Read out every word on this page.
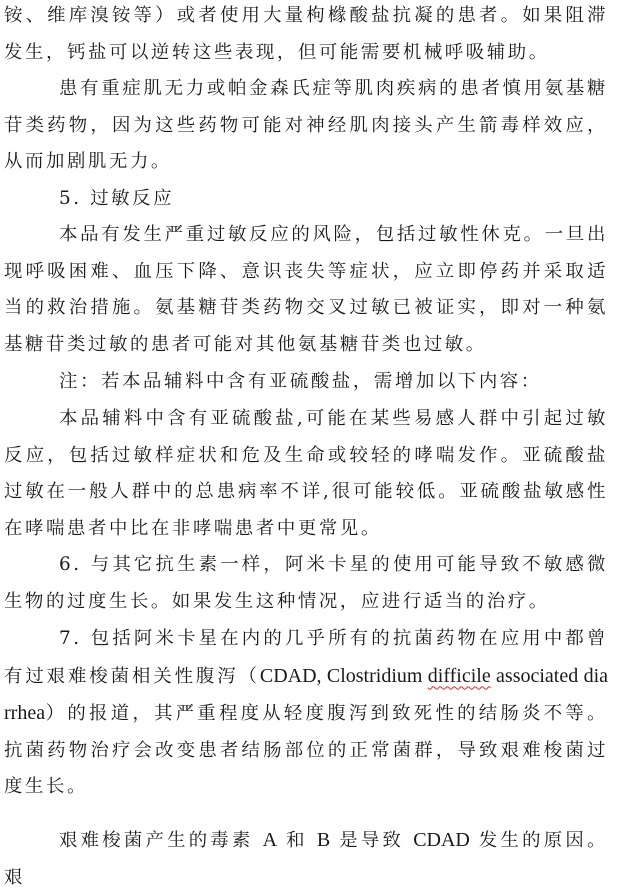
铵、维库溴铵等）或者使用大量枸橼酸盐抗凝的患者。如果阻滞发生，钙盐可以逆转这些表现，但可能需要机械呼吸辅助。

患有重症肌无力或帕金森氏症等肌肉疾病的患者慎用氨基糖苷类药物，因为这些药物可能对神经肌肉接头产生箭毒样效应，从而加剧肌无力。

5. 过敏反应

本品有发生严重过敏反应的风险，包括过敏性休克。一旦出现呼吸困难、血压下降、意识丧失等症状，应立即停药并采取适当的救治措施。氨基糖苷类药物交叉过敏已被证实，即对一种氨基糖苷类过敏的患者可能对其他氨基糖苷类也过敏。

注：若本品辅料中含有亚硫酸盐，需增加以下内容：

本品辅料中含有亚硫酸盐,可能在某些易感人群中引起过敏反应，包括过敏样症状和危及生命或较轻的哮喘发作。亚硫酸盐过敏在一般人群中的总患病率不详,很可能较低。亚硫酸盐敏感性在哮喘患者中比在非哮喘患者中更常见。

6. 与其它抗生素一样，阿米卡星的使用可能导致不敏感微生物的过度生长。如果发生这种情况，应进行适当的治疗。

7. 包括阿米卡星在内的几乎所有的抗菌药物在应用中都曾有过艰难梭菌相关性腹泻（CDAD, Clostridium difficile associated diarrhea）的报道，其严重程度从轻度腹泻到致死性的结肠炎不等。抗菌药物治疗会改变患者结肠部位的正常菌群，导致艰难梭菌过度生长。

艰难梭菌产生的毒素 A 和 B 是导致 CDAD 发生的原因。艰
